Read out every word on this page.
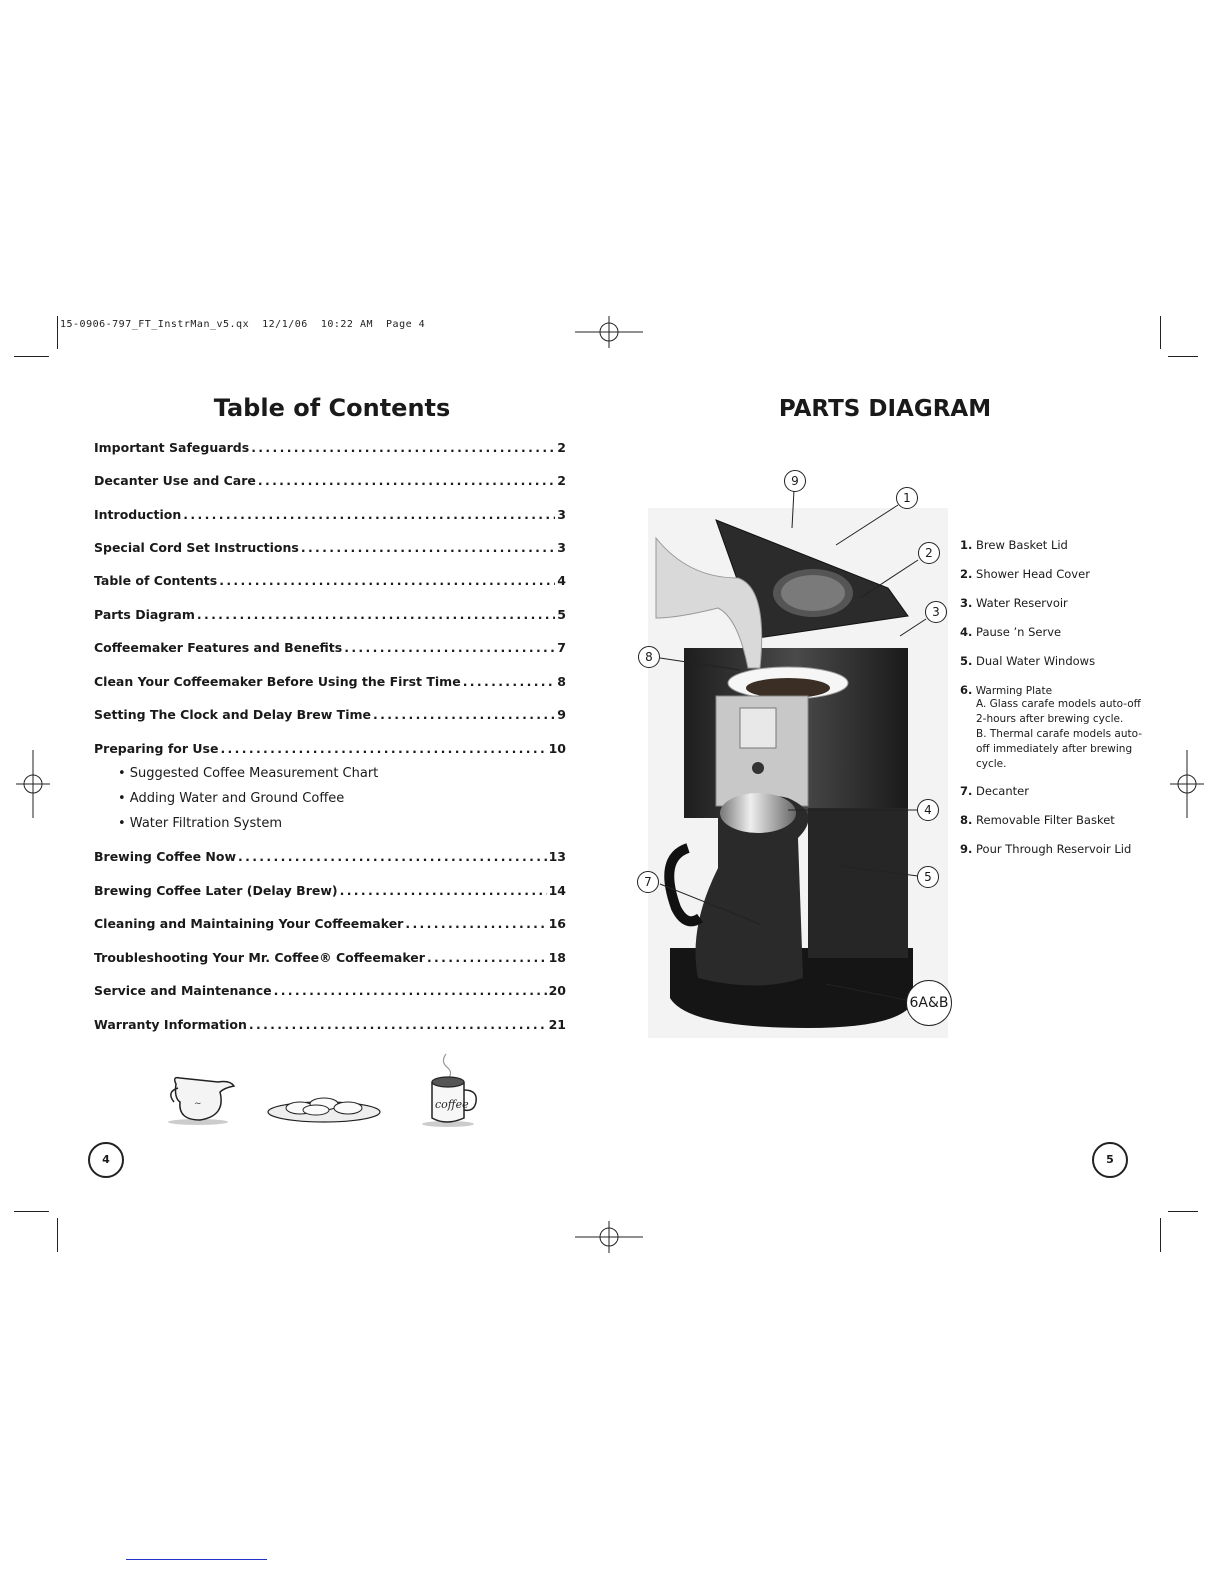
15-0906-797_FT_InstrMan_v5.qx  12/1/06  10:22 AM  Page 4
Table of Contents
Important Safeguards . . .	2
Decanter Use and Care . . .	2
Introduction . . .	3
Special Cord Set Instructions . . .	3
Table of Contents . . .	4
Parts Diagram . . .	5
Coffeemaker Features and Benefits . . .	7
Clean Your Coffeemaker Before Using the First Time . . .	8
Setting The Clock and Delay Brew Time . . .	9
Preparing for Use . . .	10
• Suggested Coffee Measurement Chart
• Adding Water and Ground Coffee
• Water Filtration System
Brewing Coffee Now . . .	13
Brewing Coffee Later (Delay Brew) . . .	14
Cleaning and Maintaining Your Coffeemaker . . .	16
Troubleshooting Your Mr. Coffee® Coffeemaker . . .	18
Service and Maintenance . . .	20
Warranty Information . . .	21
~	coffee
4	5
PARTS DIAGRAM
9
1
2
3
8
4
5
7
6A&B
1. Brew Basket Lid
2. Shower Head Cover
3. Water Reservoir
4. Pause ’n Serve
5. Dual Water Windows
6. Warming Plate
A. Glass carafe models auto-off 2-hours after brewing cycle.
B. Thermal carafe models auto-off immediately after brewing cycle.
7. Decanter
8. Removable Filter Basket
9. Pour Through Reservoir Lid
